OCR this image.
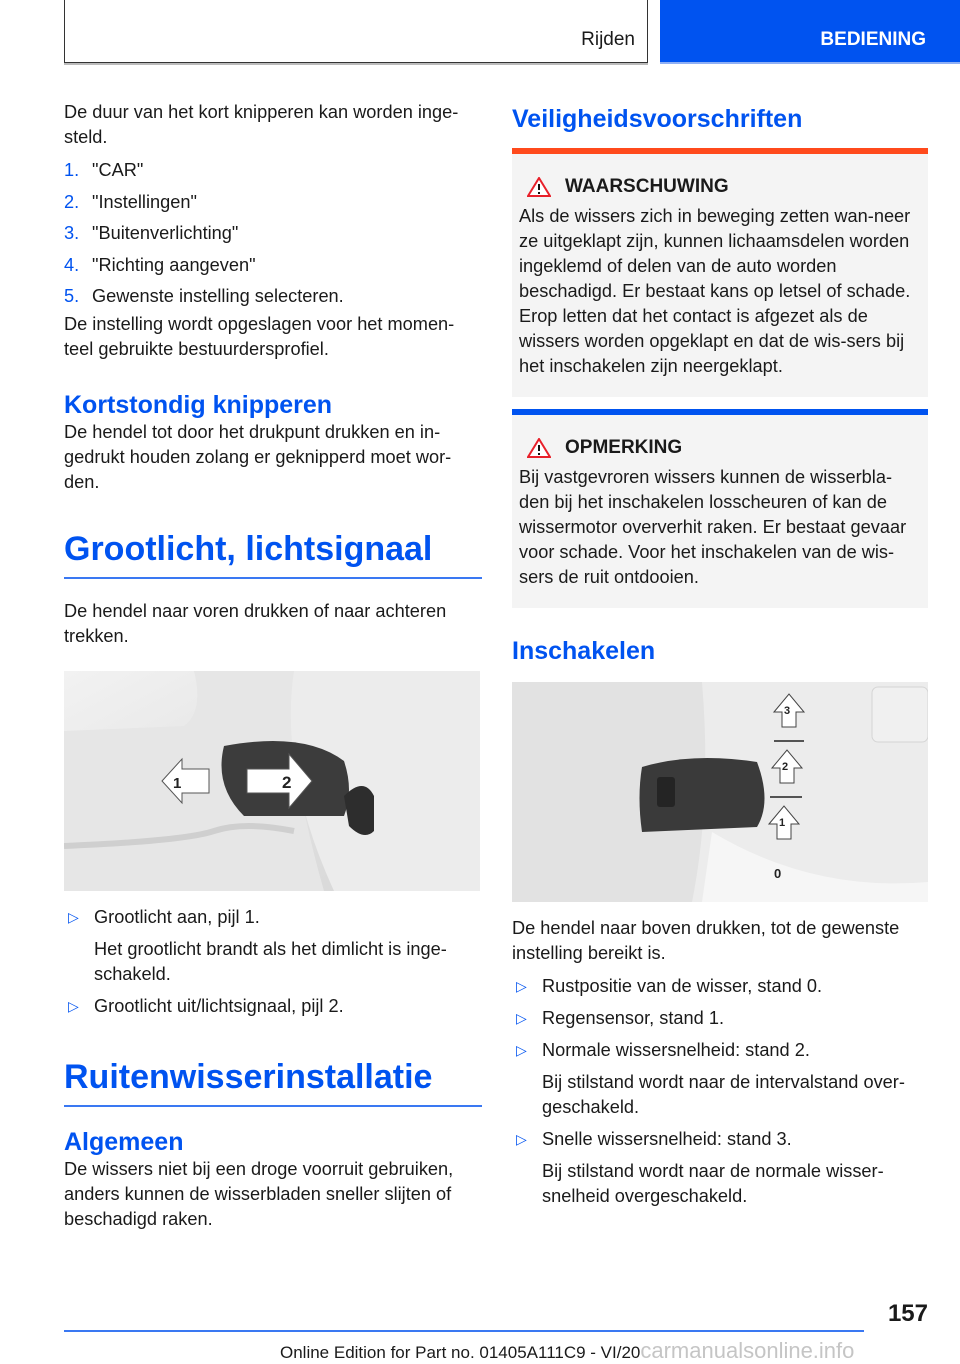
Rijden	BEDIENING

De duur van het kort knipperen kan worden inge-steld.

1. "CAR"
2. "Instellingen"
3. "Buitenverlichting"
4. "Richting aangeven"
5. Gewenste instelling selecteren.

De instelling wordt opgeslagen voor het momen-teel gebruikte bestuurdersprofiel.

Kortstondig knipperen

De hendel tot door het drukpunt drukken en in-gedrukt houden zolang er geknipperd moet wor-den.

Grootlicht, lichtsignaal

De hendel naar voren drukken of naar achteren trekken.

1	2
▷ Grootlicht aan, pijl 1.
Het grootlicht brandt als het dimlicht is inge-schakeld.
▷ Grootlicht uit/lichtsignaal, pijl 2.
Ruitenwisserinstallatie
Algemeen

De wissers niet bij een droge voorruit gebruiken, anders kunnen de wisserbladen sneller slijten of beschadigd raken.

Veiligheidsvoorschriften
WAARSCHUWING

Als de wissers zich in beweging zetten wan-neer ze uitgeklapt zijn, kunnen lichaamsdelen worden ingeklemd of delen van de auto worden beschadigd. Er bestaat kans op letsel of schade. Erop letten dat het contact is afgezet als de wissers worden opgeklapt en dat de wis-sers bij het inschakelen zijn neergeklapt.

OPMERKING

Bij vastgevroren wissers kunnen de wisserbla-den bij het inschakelen losscheuren of kan de wissermotor oververhit raken. Er bestaat gevaar voor schade. Voor het inschakelen van de wis-sers de ruit ontdooien.

Inschakelen
3
2
1
0

De hendel naar boven drukken, tot de gewenste instelling bereikt is.

▷ Rustpositie van de wisser, stand 0.
▷ Regensensor, stand 1.
▷ Normale wissersnelheid: stand 2.
Bij stilstand wordt naar de intervalstand over-geschakeld.
▷ Snelle wissersnelheid: stand 3.
Bij stilstand wordt naar de normale wisser-snelheid overgeschakeld.
157
Online Edition for Part no. 01405A111C9 - VI/20carmanualsonline.info
